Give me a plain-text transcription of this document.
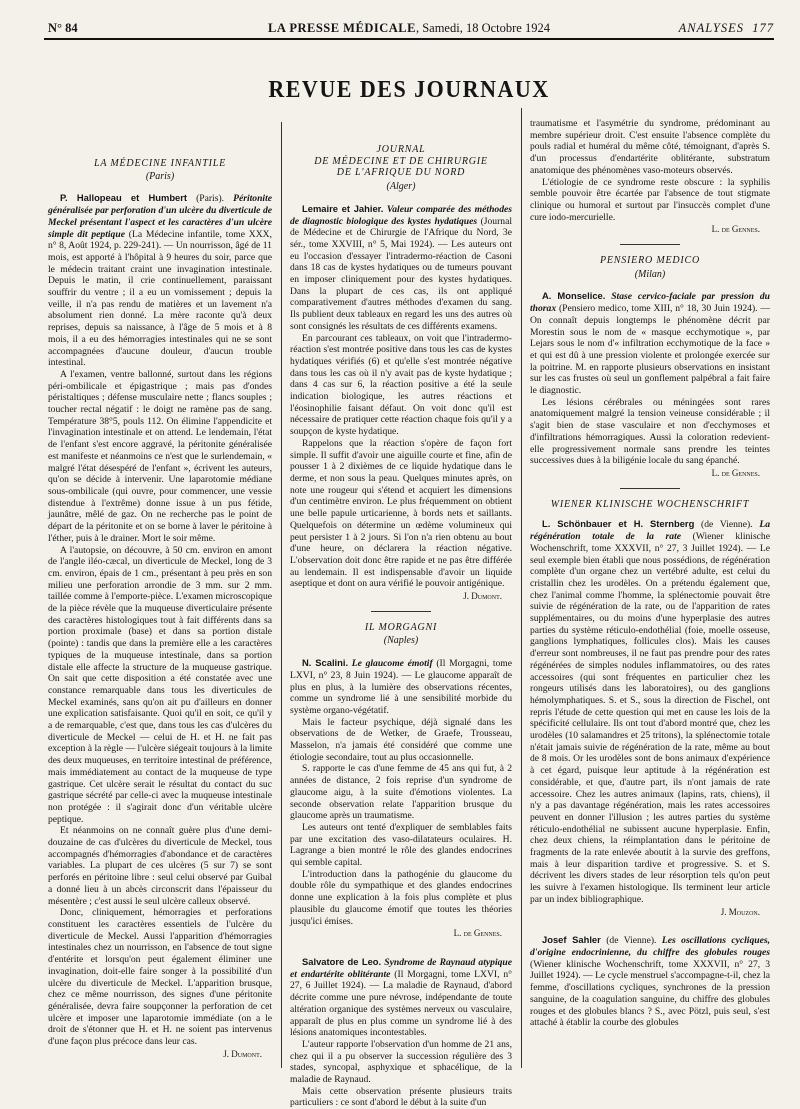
N° 84	LA PRESSE MÉDICALE, Samedi, 18 Octobre 1924	ANALYSES 177
REVUE DES JOURNAUX
LA MÉDECINE INFANTILE
(Paris)

P. Hallopeau et Humbert (Paris). Péritonite généralisée par perforation d'un ulcère du diverticule de Meckel présentant l'aspect et les caractères d'un ulcère simple dit peptique (La Médecine infantile, tome XXX, n° 8, Août 1924, p. 229-241). — Un nourrisson, âgé de 11 mois, est apporté à l'hôpital à 9 heures du soir, parce que le médecin traitant craint une invagination intestinale. Depuis le matin, il crie continuellement, paraissant souffrir du ventre ; il a eu un vomissement ; depuis la veille, il n'a pas rendu de matières et un lavement n'a absolument rien donné. La mère raconte qu'à deux reprises, depuis sa naissance, à l'âge de 5 mois et à 8 mois, il a eu des hémorragies intestinales qui ne se sont accompagnées d'aucune douleur, d'aucun trouble intestinal.

A l'examen, ventre ballonné, surtout dans les régions péri-ombilicale et épigastrique ; mais pas d'ondes péristaltiques ; défense musculaire nette ; flancs souples ; toucher rectal négatif : le doigt ne ramène pas de sang. Température 38°5, pouls 112. On élimine l'appendicite et l'invagination intestinale et on attend. Le lendemain, l'état de l'enfant s'est encore aggravé, la péritonite généralisée est manifeste et néanmoins ce n'est que le surlendemain, « malgré l'état désespéré de l'enfant », écrivent les auteurs, qu'on se décide à intervenir. Une laparotomie médiane sous-ombilicale (qui ouvre, pour commencer, une vessie distendue à l'extrême) donne issue à un pus fétide, jaunâtre, mêlé de gaz. On ne recherche pas le point de départ de la péritonite et on se borne à laver le péritoine à l'éther, puis à le drainer. Mort le soir même.

A l'autopsie, on découvre, à 50 cm. environ en amont de l'angle iléo-cæcal, un diverticule de Meckel, long de 3 cm. environ, épais de 1 cm., présentant à peu près en son milieu une perforation arrondie de 3 mm. sur 2 mm. taillée comme à l'emporte-pièce. L'examen microscopique de la pièce révèle que la muqueuse diverticulaire présente des caractères histologiques tout à fait différents dans sa portion proximale (base) et dans sa portion distale (pointe) : tandis que dans la première elle a les caractères typiques de la muqueuse intestinale, dans sa portion distale elle affecte la structure de la muqueuse gastrique. On sait que cette disposition a été constatée avec une constance remarquable dans tous les diverticules de Meckel examinés, sans qu'on ait pu d'ailleurs en donner une explication satisfaisante. Quoi qu'il en soit, ce qu'il y a de remarquable, c'est que, dans tous les cas d'ulcères du diverticule de Meckel — celui de H. et H. ne fait pas exception à la règle — l'ulcère siégeait toujours à la limite des deux muqueuses, en territoire intestinal de préférence, mais immédiatement au contact de la muqueuse de type gastrique. Cet ulcère serait le résultat du contact du suc gastrique sécrété par celle-ci avec la muqueuse intestinale non protégée : il s'agirait donc d'un véritable ulcère peptique.

Et néanmoins on ne connaît guère plus d'une demi-douzaine de cas d'ulcères du diverticule de Meckel, tous accompagnés d'hémorragies d'abondance et de caractères variables. La plupart de ces ulcères (5 sur 7) se sont perforés en péritoine libre : seul celui observé par Guibal a donné lieu à un abcès circonscrit dans l'épaisseur du mésentère ; c'est aussi le seul ulcère calleux observé.

Donc, cliniquement, hémorragies et perforations constituent les caractères essentiels de l'ulcère du diverticule de Meckel. Aussi l'apparition d'hémorragies intestinales chez un nourrisson, en l'absence de tout signe d'entérite et lorsqu'on peut également éliminer une invagination, doit-elle faire songer à la possibilité d'un ulcère du diverticule de Meckel. L'apparition brusque, chez ce même nourrisson, des signes d'une péritonite généralisée, devra faire soupçonner la perforation de cet ulcère et imposer une laparotomie immédiate (on a le droit de s'étonner que H. et H. ne soient pas intervenus d'une façon plus précoce dans leur cas.

J. Dumont.

JOURNAL
DE MÉDECINE ET DE CHIRURGIE
DE L'AFRIQUE DU NORD
(Alger)

Lemaire et Jahier. Valeur comparée des méthodes de diagnostic biologique des kystes hydatiques (Journal de Médecine et de Chirurgie de l'Afrique du Nord, 3e sér., tome XXVIII, n° 5, Mai 1924). — Les auteurs ont eu l'occasion d'essayer l'intradermo-réaction de Casoni dans 18 cas de kystes hydatiques ou de tumeurs pouvant en imposer cliniquement pour des kystes hydatiques. Dans la plupart de ces cas, ils ont appliqué comparativement d'autres méthodes d'examen du sang. Ils publient deux tableaux en regard les uns des autres où sont consignés les résultats de ces différents examens.

En parcourant ces tableaux, on voit que l'intradermo-réaction s'est montrée positive dans tous les cas de kystes hydatiques vérifiés (6) et qu'elle s'est montrée négative dans tous les cas où il n'y avait pas de kyste hydatique ; dans 4 cas sur 6, la réaction positive a été la seule indication biologique, les autres réactions et l'éosinophilie faisant défaut. On voit donc qu'il est nécessaire de pratiquer cette réaction chaque fois qu'il y a soupçon de kyste hydatique.

Rappelons que la réaction s'opère de façon fort simple. Il suffit d'avoir une aiguille courte et fine, afin de pousser 1 à 2 dixièmes de ce liquide hydatique dans le derme, et non sous la peau. Quelques minutes après, on note une rougeur qui s'étend et acquiert les dimensions d'un centimètre environ. Le plus fréquemment on obtient une belle papule urticarienne, à bords nets et saillants. Quelquefois on détermine un œdème volumineux qui peut persister 1 à 2 jours. Si l'on n'a rien obtenu au bout d'une heure, on déclarera la réaction négative. L'observation doit donc être rapide et ne pas être différée au lendemain. Il est indispensable d'avoir un liquide aseptique et dont on aura vérifié le pouvoir antigénique.

J. Dumont.

IL MORGAGNI
(Naples)

N. Scalini. Le glaucome émotif (Il Morgagni, tome LXVI, n° 23, 8 Juin 1924). — Le glaucome apparaît de plus en plus, à la lumière des observations récentes, comme un syndrome lié à une sensibilité morbide du système organo-végétatif.

Mais le facteur psychique, déjà signalé dans les observations de de Wetker, de Graefe, Trousseau, Masselon, n'a jamais été considéré que comme une étiologie secondaire, tout au plus occasionnelle.

S. rapporte le cas d'une femme de 45 ans qui fut, à 2 années de distance, 2 fois reprise d'un syndrome de glaucome aigu, à la suite d'émotions violentes. La seconde observation relate l'apparition brusque du glaucome après un traumatisme.

Les auteurs ont tenté d'expliquer de semblables faits par une excitation des vaso-dilatateurs oculaires. H. Lagrange a bien montré le rôle des glandes endocrines qui semble capital.

L'introduction dans la pathogénie du glaucome du double rôle du sympathique et des glandes endocrines donne une explication à la fois plus complète et plus plausible du glaucome émotif que toutes les théories jusqu'ici émises.

L. de Gennes.

Salvatore de Leo. Syndrome de Raynaud atypique et endartérite oblitérante (Il Morgagni, tome LXVI, n° 27, 6 Juillet 1924). — La maladie de Raynaud, d'abord décrite comme une pure névrose, indépendante de toute altération organique des systèmes nerveux ou vasculaire, apparaît de plus en plus comme un syndrome lié à des lésions anatomiques incontestables.

L'auteur rapporte l'observation d'un homme de 21 ans, chez qui il a pu observer la succession régulière des 3 stades, syncopal, asphyxique et sphacélique, de la maladie de Raynaud.

Mais cette observation présente plusieurs traits particuliers : ce sont d'abord le début à la suite d'un

traumatisme et l'asymétrie du syndrome, prédominant au membre supérieur droit. C'est ensuite l'absence complète du pouls radial et huméral du même côté, témoignant, d'après S. d'un processus d'endartérite oblitérante, substratum anatomique des phénomènes vaso-moteurs observés.

L'étiologie de ce syndrome reste obscure : la syphilis semble pouvoir être écartée par l'absence de tout stigmate clinique ou humoral et surtout par l'insuccès complet d'une cure iodo-mercurielle.

L. de Gennes.

PENSIERO MEDICO
(Milan)

A. Monselice. Stase cervico-faciale par pression du thorax (Pensiero medico, tome XIII, n° 18, 30 Juin 1924). — On connaît depuis longtemps le phénomène décrit par Morestin sous le nom de « masque ecchymotique », par Lejars sous le nom d'« infiltration ecchymotique de la face » et qui est dû à une pression violente et prolongée exercée sur la poitrine. M. en rapporte plusieurs observations en insistant sur les cas frustes où seul un gonflement palpébral a fait faire le diagnostic.

Les lésions cérébrales ou méningées sont rares anatomiquement malgré la tension veineuse considérable ; il s'agit bien de stase vasculaire et non d'ecchymoses et d'infiltrations hémorragiques. Aussi la coloration redevient-elle progressivement normale sans prendre les teintes successives dues à la biligénie locale du sang épanché.

L. de Gennes.

WIENER KLINISCHE WOCHENSCHRIFT

L. Schönbauer et H. Sternberg (de Vienne). La régénération totale de la rate (Wiener klinische Wochenschrift, tome XXXVII, n° 27, 3 Juillet 1924). — Le seul exemple bien établi que nous possédions, de régénération complète d'un organe chez un vertébré adulte, est celui du cristallin chez les urodèles. On a prétendu également que, chez l'animal comme l'homme, la splénectomie pouvait être suivie de régénération de la rate, ou de l'apparition de rates supplémentaires, ou du moins d'une hyperplasie des autres parties du système réticulo-endothélial (foie, moelle osseuse, ganglions lymphatiques, follicules clos). Mais les causes d'erreur sont nombreuses, il ne faut pas prendre pour des rates régénérées de simples nodules inflammatoires, ou des rates accessoires (qui sont fréquentes en particulier chez les rongeurs utilisés dans les laboratoires), ou des ganglions hémolymphatiques. S. et S., sous la direction de Fischel, ont repris l'étude de cette question qui met en cause les lois de la spécificité cellulaire. Ils ont tout d'abord montré que, chez les urodèles (10 salamandres et 25 tritons), la splénectomie totale n'était jamais suivie de régénération de la rate, même au bout de 8 mois. Or les urodèles sont de bons animaux d'expérience à cet égard, puisque leur aptitude à la régénération est considérable, et que, d'autre part, ils n'ont jamais de rate accessoire. Chez les autres animaux (lapins, rats, chiens), il n'y a pas davantage régénération, mais les rates accessoires peuvent en donner l'illusion ; les autres parties du système réticulo-endothélial ne subissent aucune hyperplasie. Enfin, chez deux chiens, la réimplantation dans le péritoine de fragments de la rate enlevée aboutit à la survie des greffons, mais à leur disparition tardive et progressive. S. et S. décrivent les divers stades de leur résorption tels qu'on peut les suivre à l'examen histologique. Ils terminent leur article par un index bibliographique.

J. Mouzon.

Josef Sahler (de Vienne). Les oscillations cycliques, d'origine endocrinienne, du chiffre des globules rouges (Wiener klinische Wochenschrift, tome XXXVII, n° 27, 3 Juillet 1924). — Le cycle menstruel s'accompagne-t-il, chez la femme, d'oscillations cycliques, synchrones de la pression sanguine, de la coagulation sanguine, du chiffre des globules rouges et des globules blancs ? S., avec Pötzl, puis seul, s'est attaché à établir la courbe des globules
